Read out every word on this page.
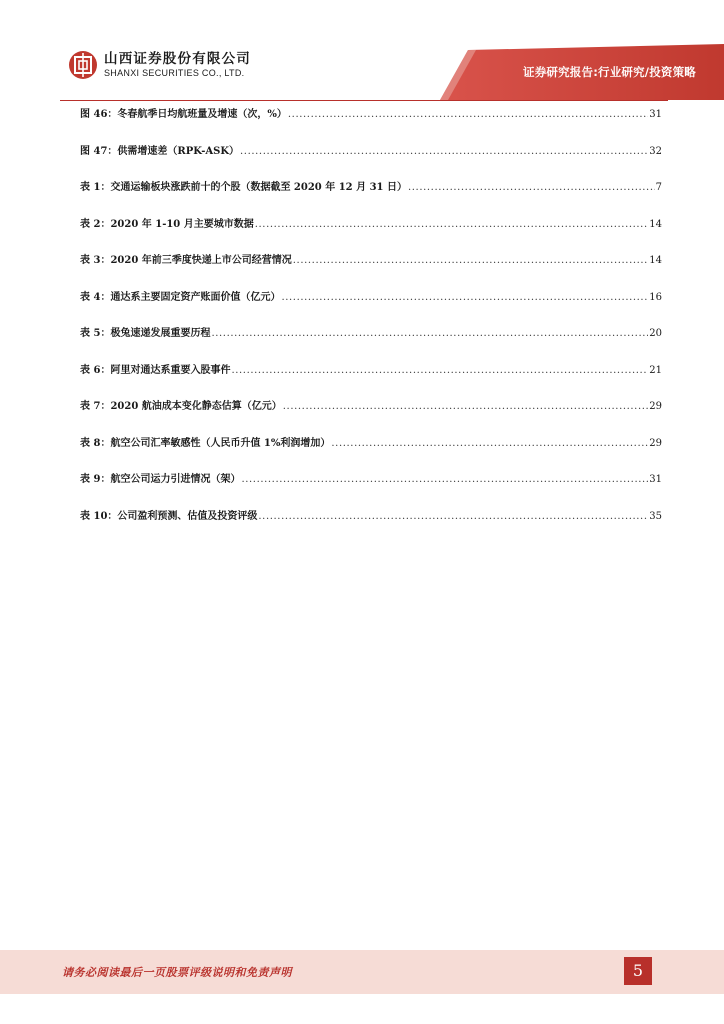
证券研究报告:行业研究/投资策略
山西证券股份有限公司
SHANXI SECURITIES CO., LTD.
图 46：冬春航季日均航班量及增速（次，%） .....	31
图 47：供需增速差（RPK-ASK） .....	32
表 1：交通运输板块涨跌前十的个股（数据截至 2020 年 12 月 31 日） .....	7
表 2：2020 年 1-10 月主要城市数据 .....	14
表 3：2020 年前三季度快递上市公司经营情况 .....	14
表 4：通达系主要固定资产账面价值（亿元） .....	16
表 5：极兔速递发展重要历程 .....	20
表 6：阿里对通达系重要入股事件 .....	21
表 7：2020 航油成本变化静态估算（亿元） .....	29
表 8：航空公司汇率敏感性（人民币升值 1%利润增加） .....	29
表 9：航空公司运力引进情况（架） .....	31
表 10：公司盈利预测、估值及投资评级 .....	35
请务必阅读最后一页股票评级说明和免责声明	5
